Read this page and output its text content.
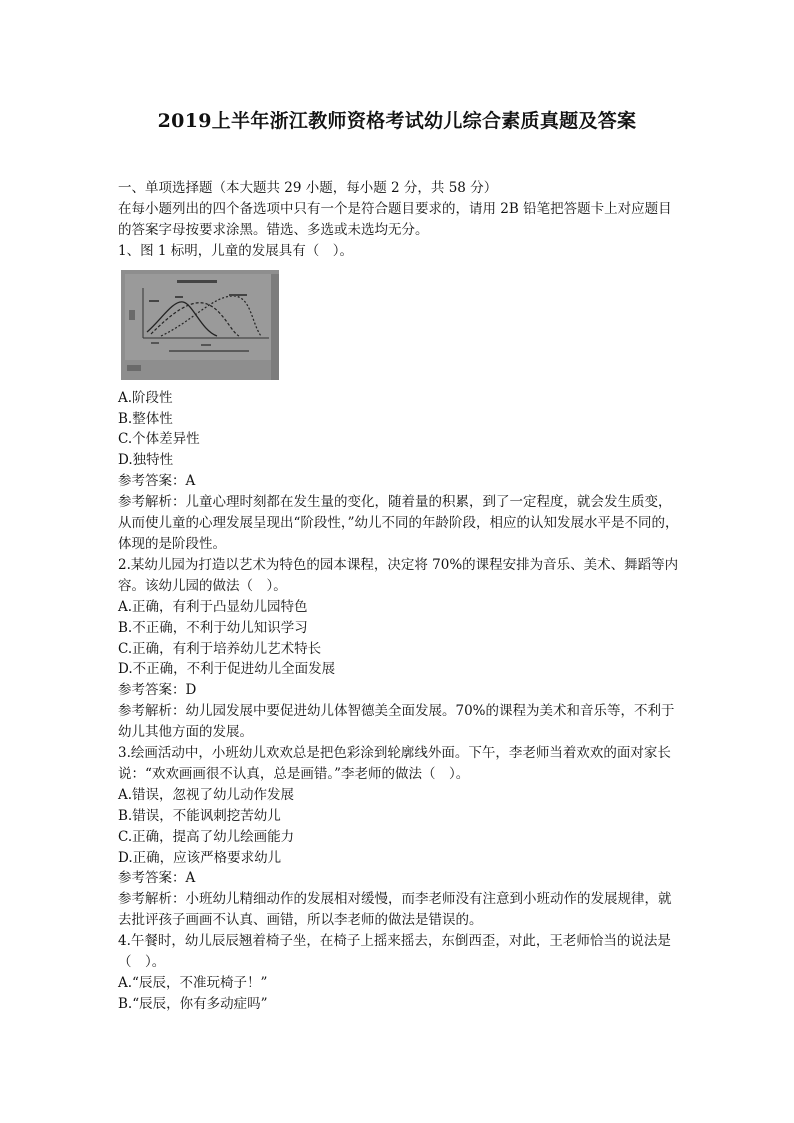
2019上半年浙江教师资格考试幼儿综合素质真题及答案
一、单项选择题（本大题共 29 小题，每小题 2 分，共 58 分）
在每小题列出的四个备选项中只有一个是符合题目要求的，请用 2B 铅笔把答题卡上对应题目的答案字母按要求涂黑。错选、多选或未选均无分。
1、图 1 标明，儿童的发展具有（　）。
A.阶段性
B.整体性
C.个体差异性
D.独特性
参考答案：A
参考解析：儿童心理时刻都在发生量的变化，随着量的积累，到了一定程度，就会发生质变，从而使儿童的心理发展呈现出“阶段性，”幼儿不同的年龄阶段，相应的认知发展水平是不同的，体现的是阶段性。
2.某幼儿园为打造以艺术为特色的园本课程，决定将 70%的课程安排为音乐、美术、舞蹈等内容。该幼儿园的做法（　）。
A.正确，有利于凸显幼儿园特色
B.不正确，不利于幼儿知识学习
C.正确，有利于培养幼儿艺术特长
D.不正确，不利于促进幼儿全面发展
参考答案：D
参考解析：幼儿园发展中要促进幼儿体智德美全面发展。70%的课程为美术和音乐等，不利于幼儿其他方面的发展。
3.绘画活动中，小班幼儿欢欢总是把色彩涂到轮廓线外面。下午，李老师当着欢欢的面对家长说：“欢欢画画很不认真，总是画错。”李老师的做法（　）。
A.错误，忽视了幼儿动作发展
B.错误，不能讽刺挖苦幼儿
C.正确，提高了幼儿绘画能力
D.正确，应该严格要求幼儿
参考答案：A
参考解析：小班幼儿精细动作的发展相对缓慢，而李老师没有注意到小班动作的发展规律，就去批评孩子画画不认真、画错，所以李老师的做法是错误的。
4.午餐时，幼儿辰辰翘着椅子坐，在椅子上摇来摇去，东倒西歪，对此，王老师恰当的说法是（　）。
A.“辰辰，不准玩椅子！”
B.“辰辰，你有多动症吗”
